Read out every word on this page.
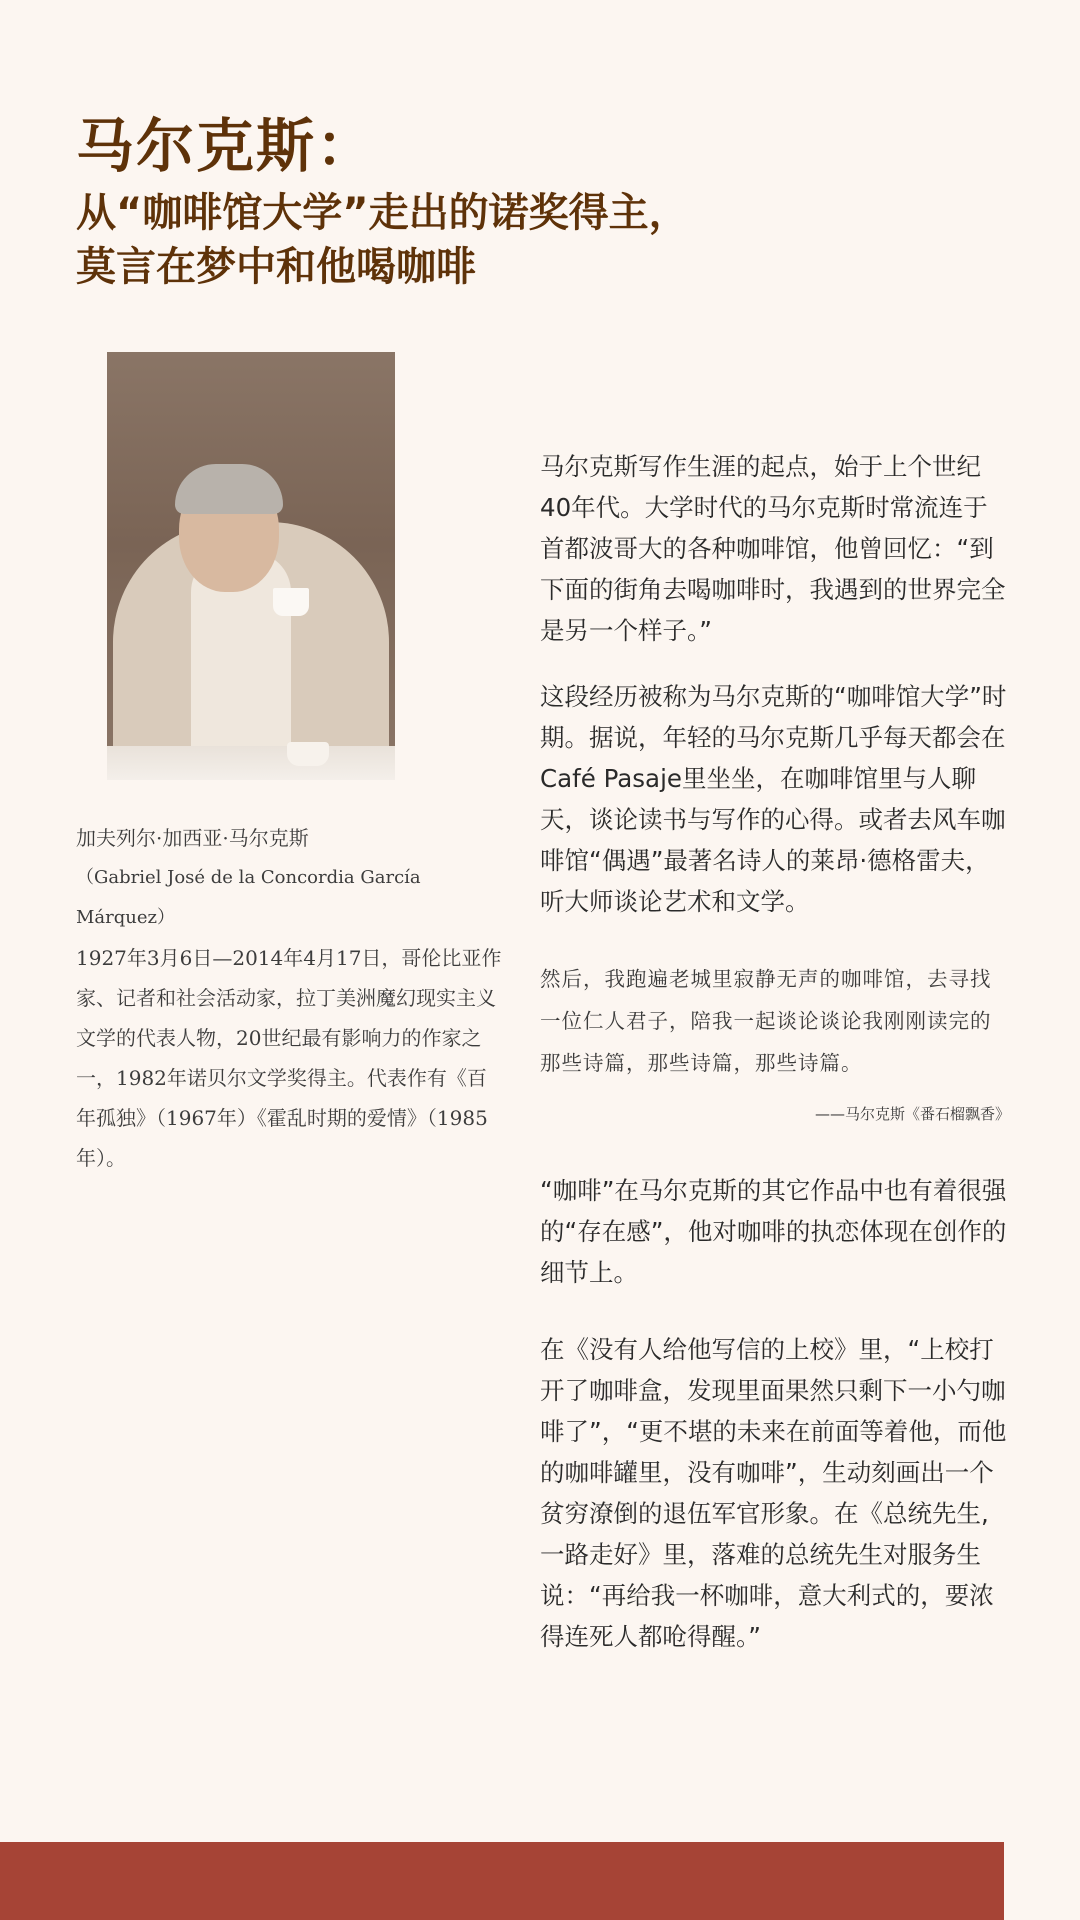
马尔克斯：
从“咖啡馆大学”走出的诺奖得主，
莫言在梦中和他喝咖啡
加夫列尔·加西亚·马尔克斯
（Gabriel José de la Concordia García Márquez）
1927年3月6日—2014年4月17日，哥伦比亚作家、记者和社会活动家，拉丁美洲魔幻现实主义文学的代表人物，20世纪最有影响力的作家之一，1982年诺贝尔文学奖得主。代表作有《百年孤独》（1967年）《霍乱时期的爱情》（1985年）。

马尔克斯写作生涯的起点，始于上个世纪40年代。大学时代的马尔克斯时常流连于首都波哥大的各种咖啡馆，他曾回忆：“到下面的街角去喝咖啡时，我遇到的世界完全是另一个样子。”

这段经历被称为马尔克斯的“咖啡馆大学”时期。据说，年轻的马尔克斯几乎每天都会在Café Pasaje里坐坐，在咖啡馆里与人聊天，谈论读书与写作的心得。或者去风车咖啡馆“偶遇”最著名诗人的莱昂·德格雷夫，听大师谈论艺术和文学。

然后，我跑遍老城里寂静无声的咖啡馆，去寻找一位仁人君子，陪我一起谈论谈论我刚刚读完的那些诗篇，那些诗篇，那些诗篇。
——马尔克斯《番石榴飘香》

“咖啡”在马尔克斯的其它作品中也有着很强的“存在感”，他对咖啡的执恋体现在创作的细节上。

在《没有人给他写信的上校》里，“上校打开了咖啡盒，发现里面果然只剩下一小勺咖啡了”，“更不堪的未来在前面等着他，而他的咖啡罐里，没有咖啡”，生动刻画出一个贫穷潦倒的退伍军官形象。在《总统先生,一路走好》里，落难的总统先生对服务生说：“再给我一杯咖啡，意大利式的，要浓得连死人都呛得醒。”
